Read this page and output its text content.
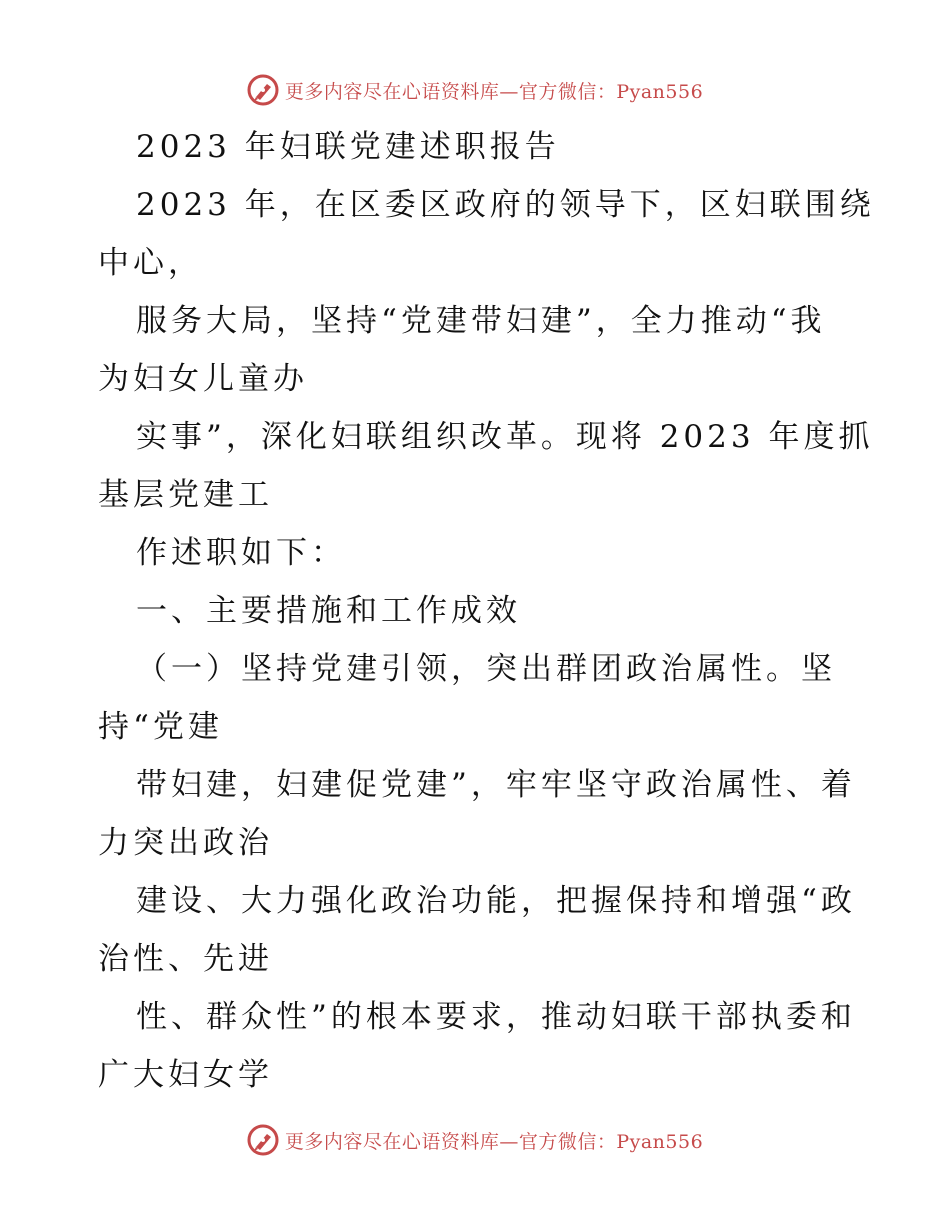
更多内容尽在心语资料库—官方微信：Pyan556
2023 年妇联党建述职报告
2023 年，在区委区政府的领导下，区妇联围绕
中心，
服务大局，坚持“党建带妇建”，全力推动“我
为妇女儿童办
实事”，深化妇联组织改革。现将 2023 年度抓
基层党建工
作述职如下：
一、主要措施和工作成效
（一）坚持党建引领，突出群团政治属性。坚
持“党建
带妇建，妇建促党建”，牢牢坚守政治属性、着
力突出政治
建设、大力强化政治功能，把握保持和增强“政
治性、先进
性、群众性”的根本要求，推动妇联干部执委和
广大妇女学
更多内容尽在心语资料库—官方微信：Pyan556
